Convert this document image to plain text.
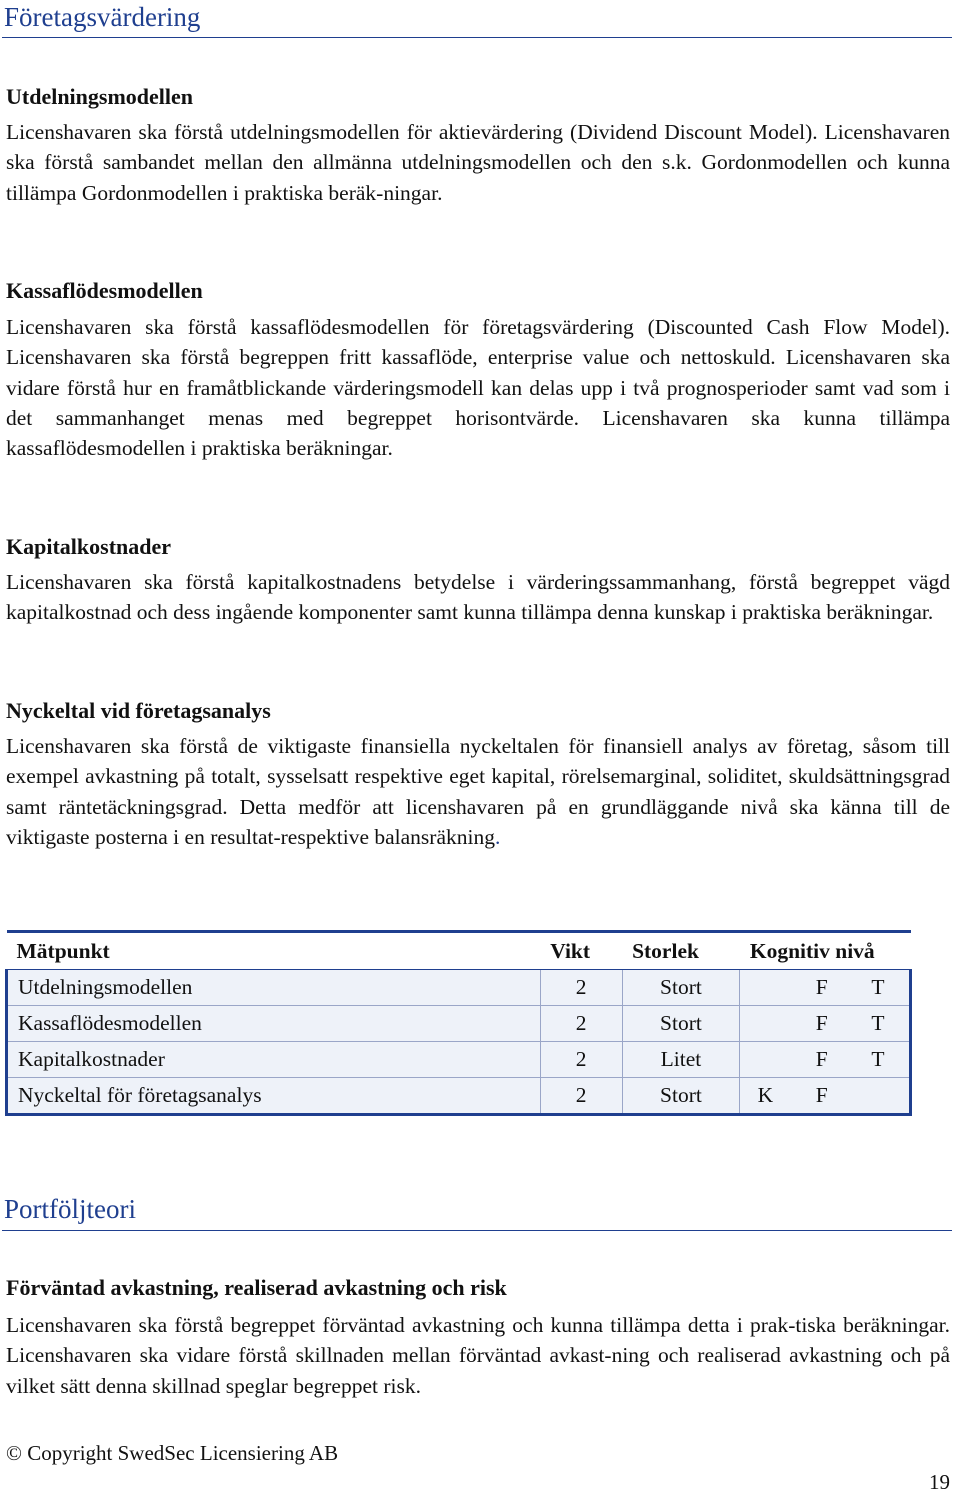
Företagsvärdering
Utdelningsmodellen

Licenshavaren ska förstå utdelningsmodellen för aktievärdering (Dividend Discount Model). Licenshavaren ska förstå sambandet mellan den allmänna utdelningsmodellen och den s.k. Gordonmodellen och kunna tillämpa Gordonmodellen i praktiska beräk-ningar.

Kassaflödesmodellen

Licenshavaren ska förstå kassaflödesmodellen för företagsvärdering (Discounted Cash Flow Model). Licenshavaren ska förstå begreppen fritt kassaflöde, enterprise value och nettoskuld. Licenshavaren ska vidare förstå hur en framåtblickande värderingsmodell kan delas upp i två prognosperioder samt vad som i det sammanhanget menas med begreppet horisontvärde. Licenshavaren ska kunna tillämpa kassaflödesmodellen i praktiska beräkningar.

Kapitalkostnader

Licenshavaren ska förstå kapitalkostnadens betydelse i värderingssammanhang, förstå begreppet vägd kapitalkostnad och dess ingående komponenter samt kunna tillämpa denna kunskap i praktiska beräkningar.

Nyckeltal vid företagsanalys

Licenshavaren ska förstå de viktigaste finansiella nyckeltalen för finansiell analys av företag, såsom till exempel avkastning på totalt, sysselsatt respektive eget kapital, rörelsemarginal, soliditet, skuldsättningsgrad samt räntetäckningsgrad. Detta medför att licenshavaren på en grundläggande nivå ska känna till de viktigaste posterna i en resultat-respektive balansräkning.

Mätpunkt	Vikt	Storlek	Kognitiv nivå
Utdelningsmodellen	2	Stort	F T

Kassaflödesmodellen	2	Stort	F T

Kapitalkostnader	2	Litet	F T

Nyckeltal för företagsanalys	2	Stort	K F
Portföljteori
Förväntad avkastning, realiserad avkastning och risk

Licenshavaren ska förstå begreppet förväntad avkastning och kunna tillämpa detta i prak-tiska beräkningar. Licenshavaren ska vidare förstå skillnaden mellan förväntad avkast-ning och realiserad avkastning och på vilket sätt denna skillnad speglar begreppet risk.

© Copyright SwedSec Licensiering AB
19
